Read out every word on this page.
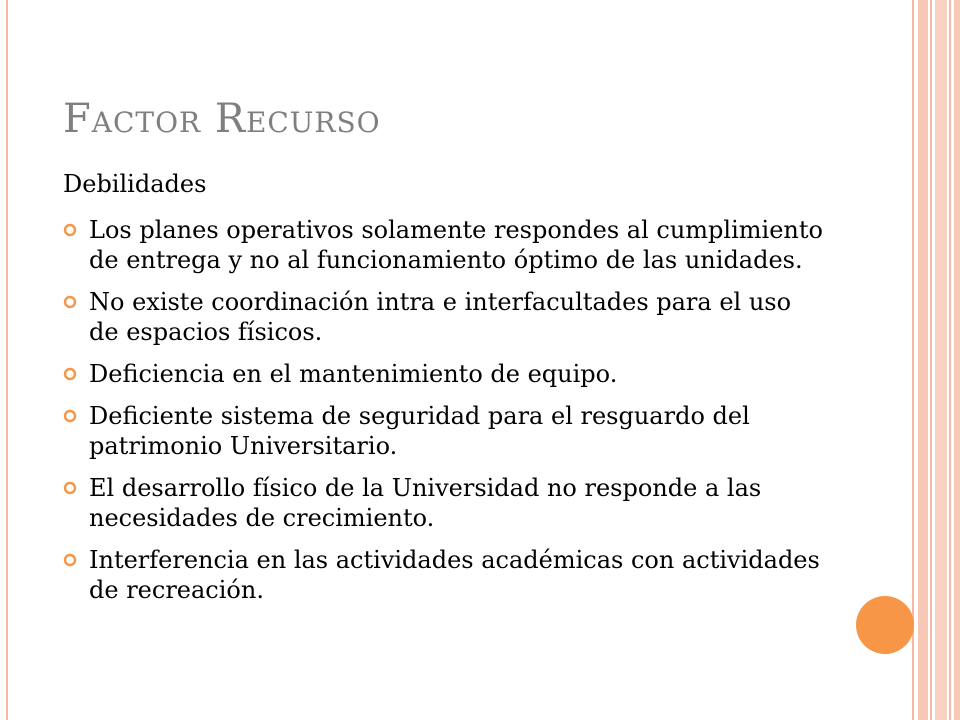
Factor Recurso
Debilidades
Los planes operativos solamente respondes al cumplimiento de entrega y no al funcionamiento óptimo de las unidades.
No existe coordinación intra e interfacultades para el uso de espacios físicos.
Deficiencia en el mantenimiento de equipo.
Deficiente sistema de seguridad para el resguardo del patrimonio Universitario.
El desarrollo físico de la Universidad no responde a las necesidades de crecimiento.
Interferencia en las actividades académicas con actividades de recreación.
